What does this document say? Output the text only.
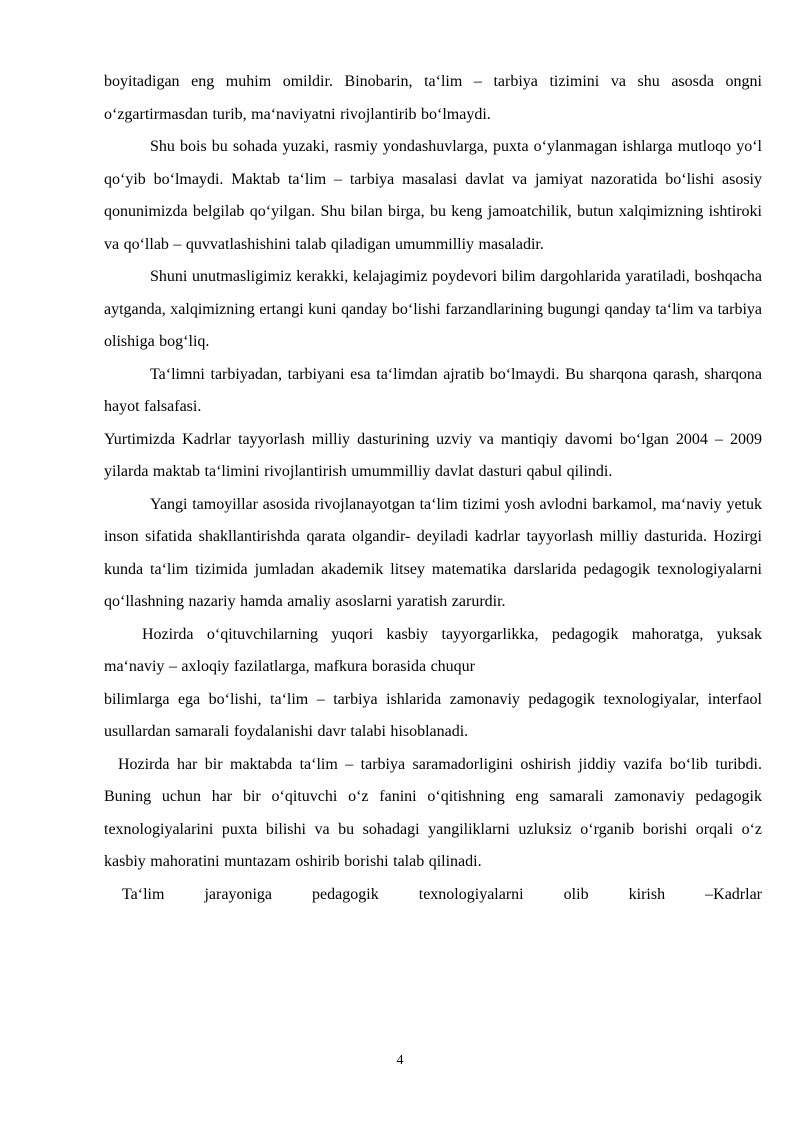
boyitadigan eng muhim omildir. Binobarin, ta‘lim – tarbiya tizimini va shu asosda ongni o‘zgartirmasdan turib, ma‘naviyatni rivojlantirib bo‘lmaydi.

Shu bois bu sohada yuzaki, rasmiy yondashuvlarga, puxta o‘ylanmagan ishlarga mutloqo yo‘l qo‘yib bo‘lmaydi. Maktab ta‘lim – tarbiya masalasi davlat va jamiyat nazoratida bo‘lishi asosiy qonunimizda belgilab qo‘yilgan. Shu bilan birga, bu keng jamoatchilik, butun xalqimizning ishtiroki va qo‘llab – quvvatlashishini talab qiladigan umummilliy masaladir.

Shuni unutmasligimiz kerakki, kelajagimiz poydevori bilim dargohlarida yaratiladi, boshqacha aytganda, xalqimizning ertangi kuni qanday bo‘lishi farzandlarining bugungi qanday ta‘lim va tarbiya olishiga bog‘liq.

Ta‘limni tarbiyadan, tarbiyani esa ta‘limdan ajratib bo‘lmaydi. Bu sharqona qarash, sharqona hayot falsafasi.

Yurtimizda Kadrlar tayyorlash milliy dasturining uzviy va mantiqiy davomi bo‘lgan 2004 – 2009 yilarda maktab ta‘limini rivojlantirish umummilliy davlat dasturi qabul qilindi.

Yangi tamoyillar asosida rivojlanayotgan ta‘lim tizimi yosh avlodni barkamol, ma‘naviy yetuk inson sifatida shakllantirishda qarata olgandir- deyiladi kadrlar tayyorlash milliy dasturida. Hozirgi kunda ta‘lim tizimida jumladan akademik litsey matematika darslarida pedagogik texnologiyalarni qo‘llashning nazariy hamda amaliy asoslarni yaratish zarurdir.

Hozirda o‘qituvchilarning yuqori kasbiy tayyorgarlikka, pedagogik mahoratga, yuksak ma‘naviy – axloqiy fazilatlarga, mafkura borasida chuqur

bilimlarga ega bo‘lishi, ta‘lim – tarbiya ishlarida zamonaviy pedagogik texnologiyalar, interfaol usullardan samarali foydalanishi davr talabi hisoblanadi.

Hozirda har bir maktabda ta‘lim – tarbiya saramadorligini oshirish jiddiy vazifa bo‘lib turibdi. Buning uchun har bir o‘qituvchi o‘z fanini o‘qitishning eng samarali zamonaviy pedagogik texnologiyalarini puxta bilishi va bu sohadagi yangiliklarni uzluksiz o‘rganib borishi orqali o‘z kasbiy mahoratini muntazam oshirib borishi talab qilinadi.

Ta‘lim jarayoniga pedagogik texnologiyalarni olib kirish –Kadrlar

4
